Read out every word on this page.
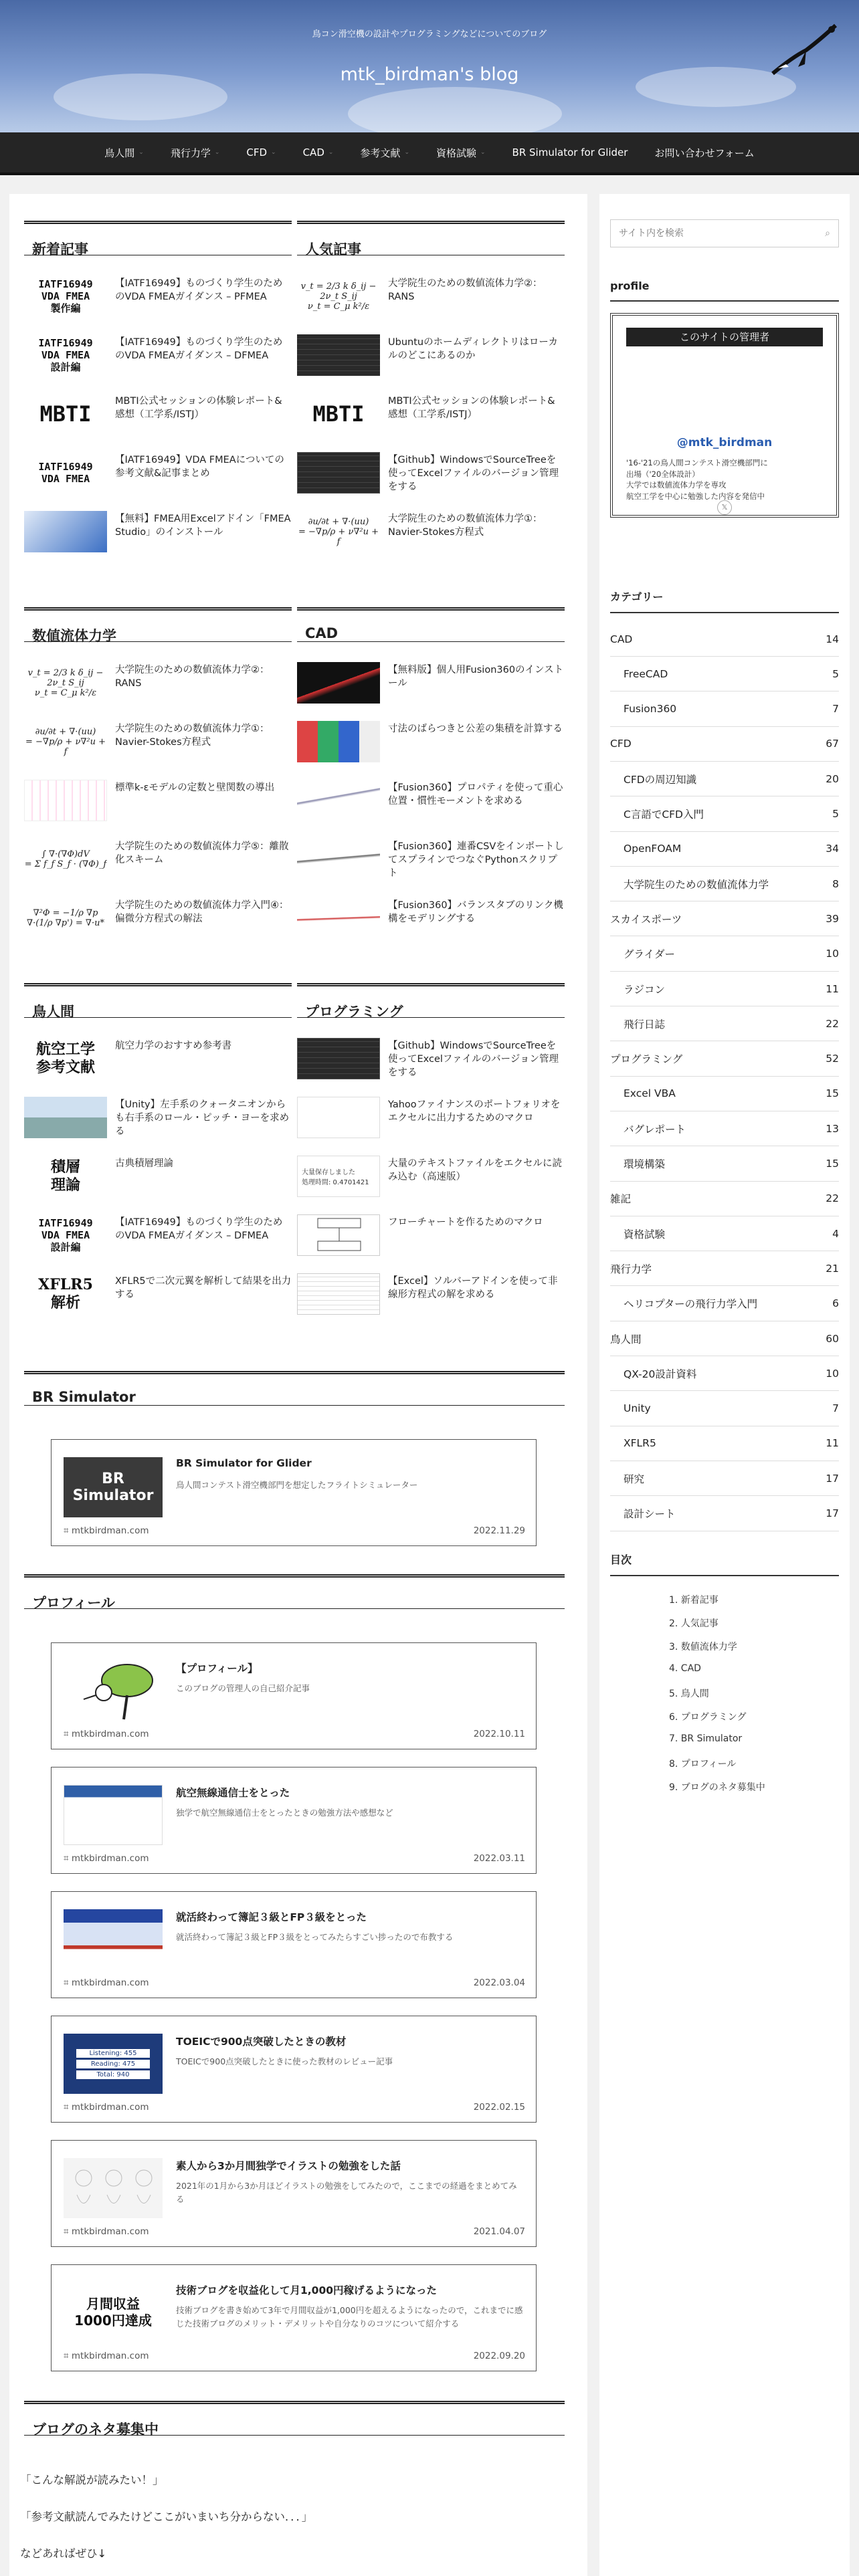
鳥コン滑空機の設計やプログラミングなどについてのブログ
mtk_birdman's blog
鳥人間 ⌄	飛行力学 ⌄	CFD ⌄	CAD ⌄	参考文献 ⌄	資格試験 ⌄	BR Simulator for Glider	お問い合わせフォーム
新着記事	人気記事
数値流体力学	CAD
鳥人間	プログラミング
IATF16949
VDA FMEA
製作編
【IATF16949】ものづくり学生のためのVDA FMEAガイダンス – PFMEA
IATF16949
VDA FMEA
設計編
【IATF16949】ものづくり学生のためのVDA FMEAガイダンス – DFMEA
MBTI MBTI公式セッションの体験レポート&感想（工学系/ISTJ）
IATF16949
VDA FMEA
【IATF16949】VDA FMEAについての参考文献&記事まとめ
【無料】FMEA用Excelアドイン「FMEA Studio」のインストール
v_t = 2/3 k δ_ij − 2ν_t S_ij
ν_t = C_μ k²/ε
大学院生のための数値流体力学②：RANS
Ubuntuのホームディレクトリはローカルのどこにあるのか
MBTI MBTI公式セッションの体験レポート&感想（工学系/ISTJ）
【Github】WindowsでSourceTreeを使ってExcelファイルのバージョン管理をする
∂u/∂t + ∇·(uu)
= −∇p/ρ + ν∇²u + f
大学院生のための数値流体力学①：Navier-Stokes方程式
v_t = 2/3 k δ_ij − 2ν_t S_ij
ν_t = C_μ k²/ε
大学院生のための数値流体力学②：RANS
∂u/∂t + ∇·(uu)
= −∇p/ρ + ν∇²u + f
大学院生のための数値流体力学①：Navier-Stokes方程式
標準k-εモデルの定数と壁関数の導出
∫ ∇·(∇Φ)dV
= Σ f_f S_f · (∇Φ)_f
大学院生のための数値流体力学⑤：離散化スキーム
∇²Φ = −1/ρ ∇p
∇·(1/ρ ∇p') = ∇·u*
大学院生のための数値流体力学入門④：偏微分方程式の解法
【無料版】個人用Fusion360のインストール
寸法のばらつきと公差の集積を計算する
【Fusion360】プロパティを使って重心位置・慣性モーメントを求める
【Fusion360】連番CSVをインポートしてスプラインでつなぐPythonスクリプト
【Fusion360】バランスタブのリンク機構をモデリングする
航空工学
参考文献
航空力学のおすすめ参考書
【Unity】左手系のクォータニオンからも右手系のロール・ピッチ・ヨーを求める
積層
理論
古典積層理論
IATF16949
VDA FMEA
設計編
【IATF16949】ものづくり学生のためのVDA FMEAガイダンス – DFMEA
XFLR5
解析
XFLR5で二次元翼を解析して結果を出力する
【Github】WindowsでSourceTreeを使ってExcelファイルのバージョン管理をする
Yahooファイナンスのポートフォリオをエクセルに出力するためのマクロ
大量保存しました
処理時間: 0.4701421
大量のテキストファイルをエクセルに読み込む（高速版）
フローチャートを作るためのマクロ
【Excel】ソルバーアドインを使って非線形方程式の解を求める
BR Simulator
BR
Simulator
BR Simulator for Glider
鳥人間コンテスト滑空機部門を想定したフライトシミュレーター
⌗ mtkbirdman.com	2022.11.29
プロフィール
【プロフィール】
このブログの管理人の自己紹介記事
⌗ mtkbirdman.com	2022.10.11
航空無線通信士をとった
独学で航空無線通信士をとったときの勉強方法や感想など
⌗ mtkbirdman.com	2022.03.11
就活終わって簿記３級とFP３級をとった
就活終わって簿記３級とFP３級をとってみたらすごい捗ったので布教する
⌗ mtkbirdman.com	2022.03.04
Listening: 455
Reading: 475
Total: 940
TOEICで900点突破したときの教材
TOEICで900点突破したときに使った教材のレビュー記事
⌗ mtkbirdman.com	2022.02.15
素人から3か月間独学でイラストの勉強をした話
2021年の1月から3か月ほどイラストの勉強をしてみたので，ここまでの経過をまとめてみる
⌗ mtkbirdman.com	2021.04.07
月間収益
1000円達成
技術ブログを収益化して月1,000円稼げるようになった
技術ブログを書き始めて3年で月間収益が1,000円を超えるようになったので，これまでに感じた技術ブログのメリット・デメリットや自分なりのコツについて紹介する
⌗ mtkbirdman.com	2022.09.20
ブログのネタ募集中
「こんな解説が読みたい！」
「参考文献読んでみたけどここがいまいち分からない．．．」
などあればぜひ↓
サイト内を検索
⌕
profile
このサイトの管理者
@mtk_birdman
'16-'21の鳥人間コンテスト滑空機部門に
出場（'20全体設計）
大学では数値流体力学を専攻
航空工学を中心に勉強した内容を発信中
𝕏
カテゴリー
CAD	14
FreeCAD	5
Fusion360	7
CFD	67
CFDの周辺知識	20
C言語でCFD入門	5
OpenFOAM	34
大学院生のための数値流体力学	8
スカイスポーツ	39
グライダー	10
ラジコン	11
飛行日誌	22
プログラミング	52
Excel VBA	15
バグレポート	13
環境構築	15
雑記	22
資格試験	4
飛行力学	21
ヘリコプターの飛行力学入門	6
鳥人間	60
QX-20設計資料	10
Unity	7
XFLR5	11
研究	17
設計シート	17
目次
1. 新着記事
2. 人気記事
3. 数値流体力学
4. CAD
5. 鳥人間
6. プログラミング
7. BR Simulator
8. プロフィール
9. ブログのネタ募集中
